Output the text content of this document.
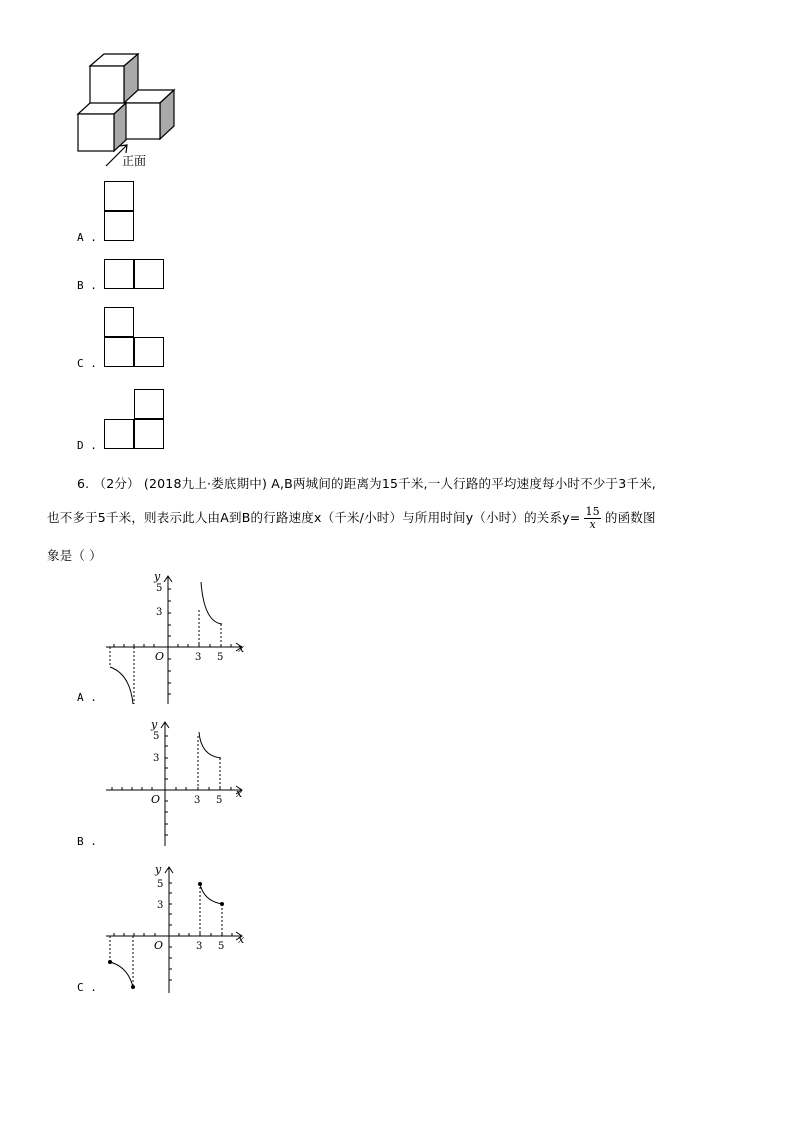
正面
A .
B .
C .
D .
6. （2分） (2018九上·娄底期中) A,B两城间的距离为15千米,一人行路的平均速度每小时不少于3千米,
也不多于5千米，则表示此人由A到B的行路速度x（千米/小时）与所用时间y（小时）的关系$y= \frac{15}{x}$ 的函数图
象是（ ）
y
x
O
5
3
3 5
A .
y
x
O
5
3
3 5
B .
y
x
O
5
3
3 5
C .
